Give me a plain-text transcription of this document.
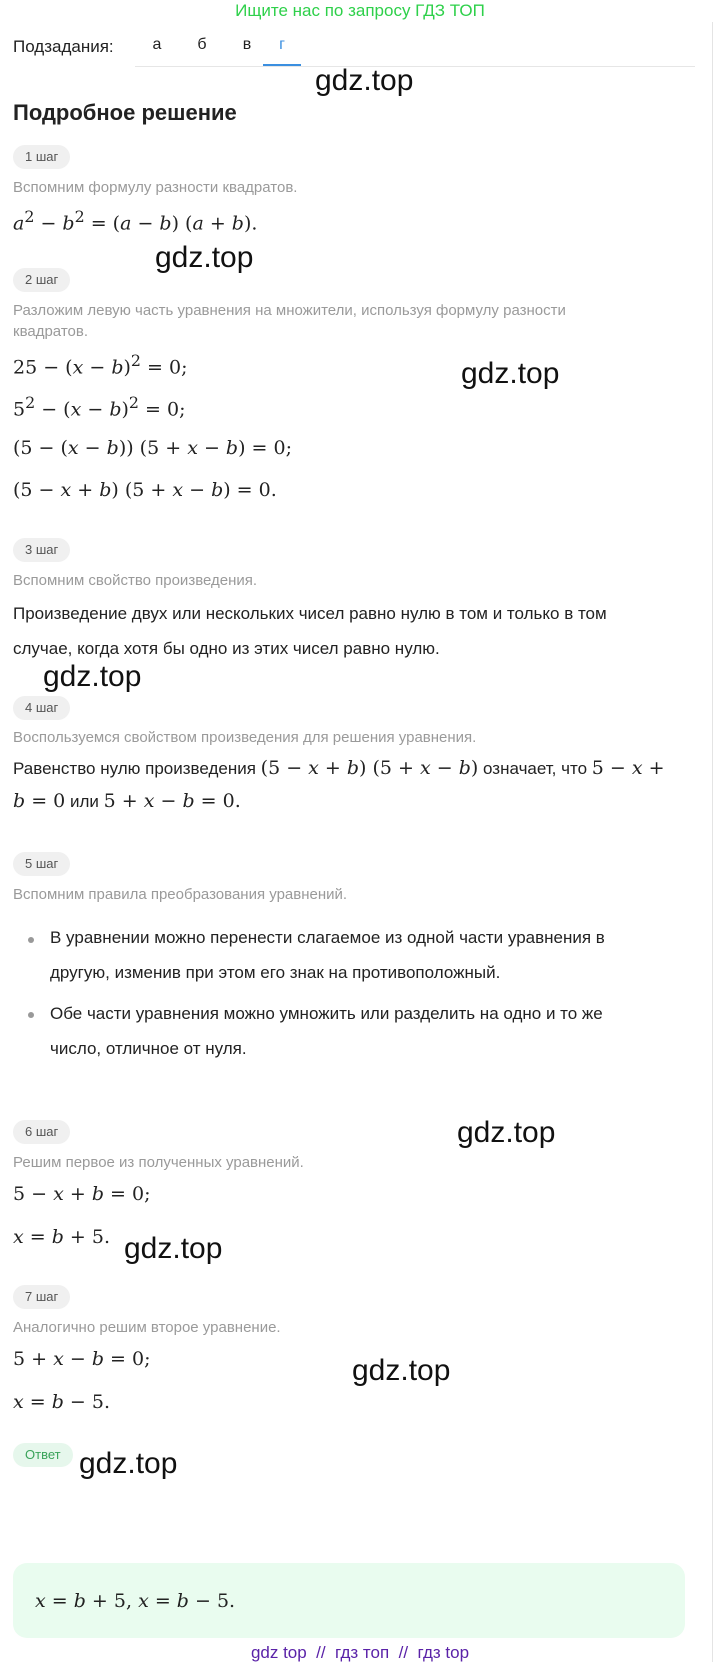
Ищите нас по запросу ГДЗ ТОП
Подзадания:	а	б	в	г
gdz.top
gdz.top
gdz.top
gdz.top
gdz.top
gdz.top
gdz.top
gdz.top
Подробное решение
1 шаг
Вспомним формулу разности квадратов.
$a^2 - b^2 = (a - b) (a + b)$.
2 шаг
Разложим левую часть уравнения на множители, используя формулу разности квадратов.
$25 - (x - b)^2 = 0$;
$5^2 - (x - b)^2 = 0$;
(5 − (x − b)) (5 + x − b) = 0;
(5 − x + b) (5 + x − b) = 0.
3 шаг
Вспомним свойство произведения.
Произведение двух или нескольких чисел равно нулю в том и только в том случае, когда хотя бы одно из этих чисел равно нулю.
4 шаг
Воспользуемся свойством произведения для решения уравнения.
Равенство нулю произведения (5 − x + b) (5 + x − b) означает, что 5 − x +
b = 0 или 5 + x − b = 0.
5 шаг
Вспомним правила преобразования уравнений.
В уравнении можно перенести слагаемое из одной части уравнения в другую, изменив при этом его знак на противоположный.
Обе части уравнения можно умножить или разделить на одно и то же число, отличное от нуля.
6 шаг
Решим первое из полученных уравнений.
5 − x + b = 0;
x = b + 5.
7 шаг
Аналогично решим второе уравнение.
5 + x − b = 0;
x = b − 5.
Ответ
x = b + 5, x = b − 5.
gdz top  //  гдз топ  //  гдз top
